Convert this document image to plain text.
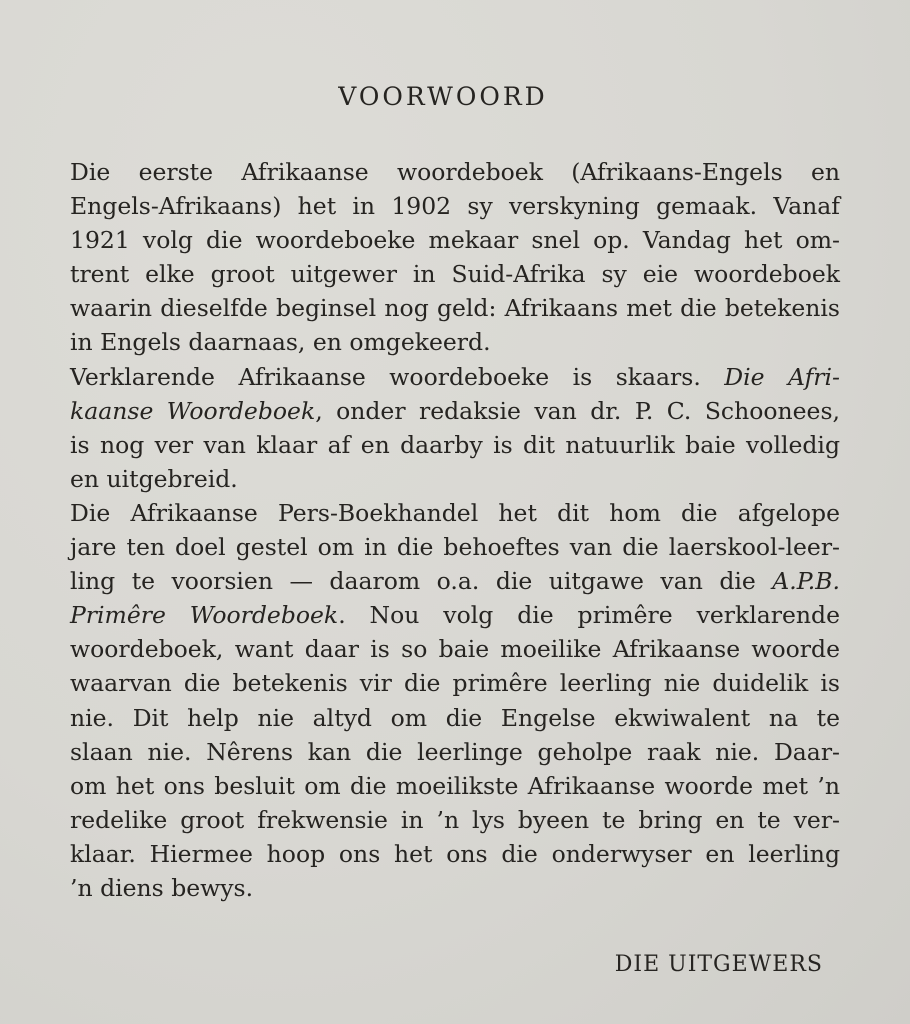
VOORWOORD

Die eerste Afrikaanse woordeboek (Afrikaans-Engels en
Engels-Afrikaans) het in 1902 sy verskyning gemaak. Vanaf
1921 volg die woordeboeke mekaar snel op. Vandag het om-
trent elke groot uitgewer in Suid-Afrika sy eie woordeboek
waarin dieselfde beginsel nog geld: Afrikaans met die betekenis
in Engels daarnaas, en omgekeerd.

Verklarende Afrikaanse woordeboeke is skaars. Die Afri-
kaanse Woordeboek, onder redaksie van dr. P. C. Schoonees,
is nog ver van klaar af en daarby is dit natuurlik baie volledig
en uitgebreid.

Die Afrikaanse Pers-Boekhandel het dit hom die afgelope
jare ten doel gestel om in die behoeftes van die laerskool-leer-
ling te voorsien — daarom o.a. die uitgawe van die A.P.B.
Primêre Woordeboek. Nou volg die primêre verklarende
woordeboek, want daar is so baie moeilike Afrikaanse woorde
waarvan die betekenis vir die primêre leerling nie duidelik is
nie. Dit help nie altyd om die Engelse ekwiwalent na te
slaan nie. Nêrens kan die leerlinge geholpe raak nie. Daar-
om het ons besluit om die moeilikste Afrikaanse woorde met ’n
redelike groot frekwensie in ’n lys byeen te bring en te ver-
klaar. Hiermee hoop ons het ons die onderwyser en leerling
’n diens bewys.

DIE UITGEWERS
